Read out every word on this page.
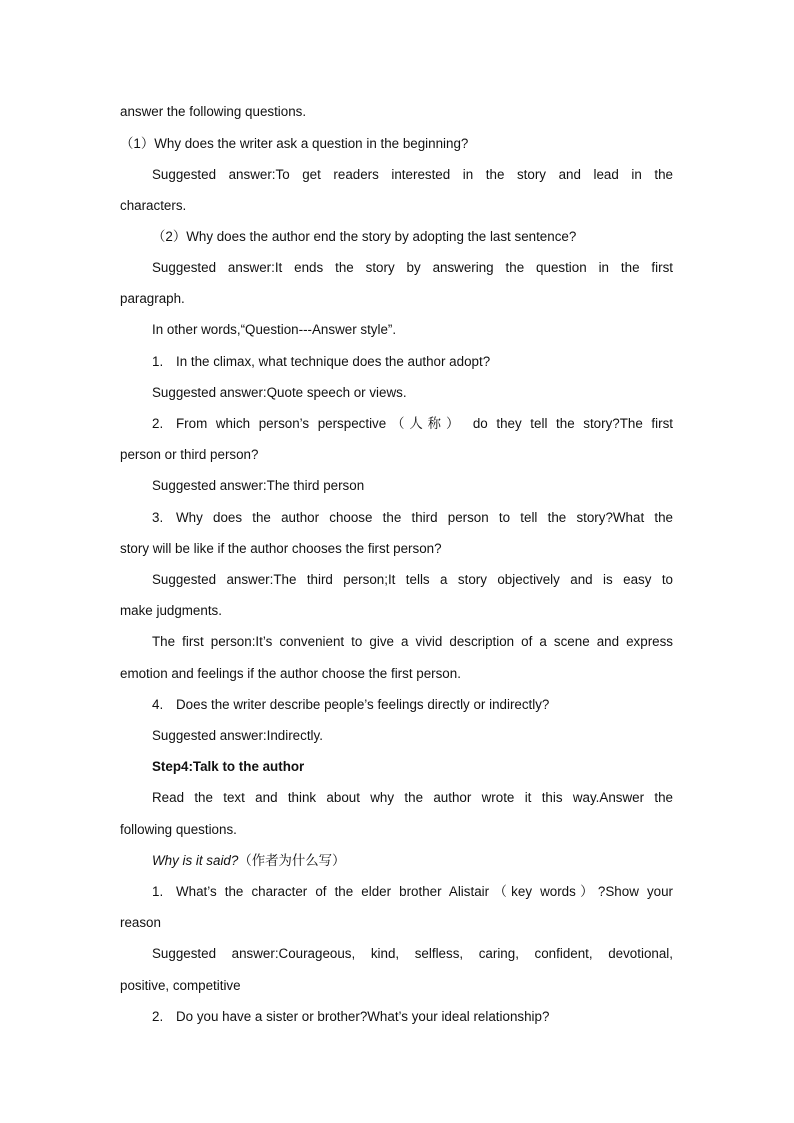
answer the following questions.
（1）Why does the writer ask a question in the beginning?
Suggested answer:To get readers interested in the story and lead in the
characters.
（2）Why does the author end the story by adopting the last sentence?
Suggested answer:It ends the story by answering the question in the first
paragraph.
In other words,“Question---Answer style”.
1. In the climax, what technique does the author adopt?
Suggested answer:Quote speech or views.
2. From which person’s perspective（人称） do they tell the story?The first
person or third person?
Suggested answer:The third person
3. Why does the author choose the third person to tell the story?What the
story will be like if the author chooses the first person?
Suggested answer:The third person;It tells a story objectively and is easy to
make judgments.
The first person:It’s convenient to give a vivid description of a scene and express
emotion and feelings if the author choose the first person.
4. Does the writer describe people’s feelings directly or indirectly?
Suggested answer:Indirectly.
Step4:Talk to the author
Read the text and think about why the author wrote it this way.Answer the
following questions.
Why is it said?（作者为什么写）
1. What’s the character of the elder brother Alistair（key words）?Show your
reason
Suggested answer:Courageous, kind, selfless, caring, confident, devotional,
positive, competitive
2. Do you have a sister or brother?What’s your ideal relationship?
